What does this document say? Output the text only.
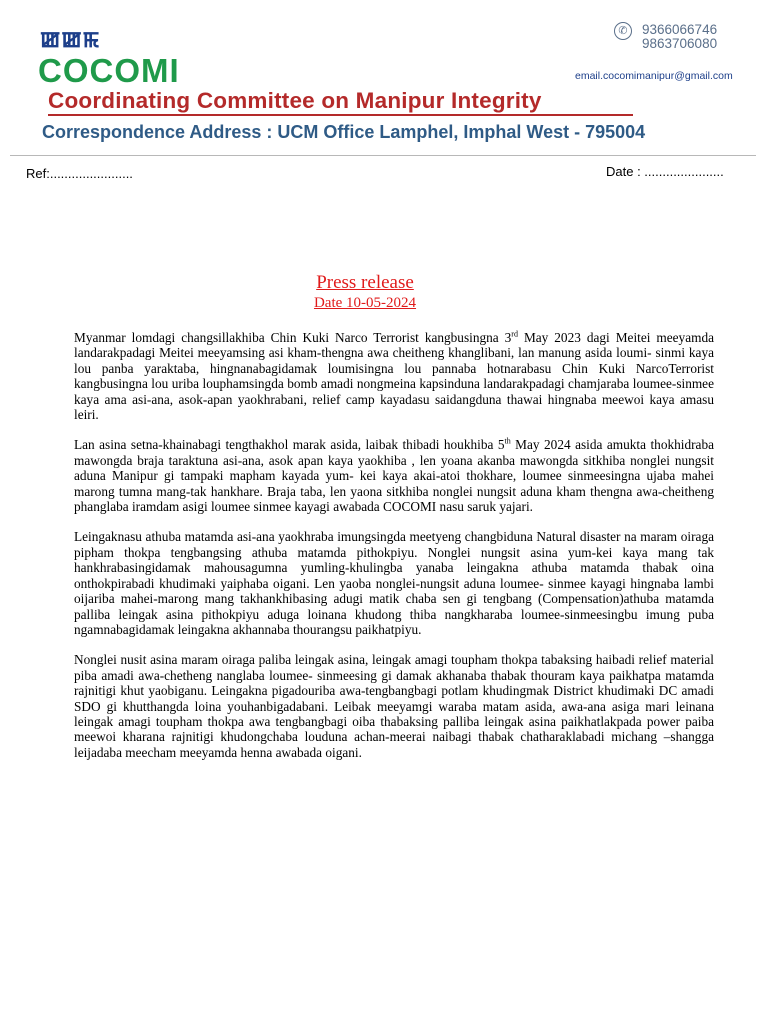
ꯀꯀꯃ
COCOMI
Coordinating Committee on Manipur Integrity
Correspondence Address : UCM Office Lamphel, Imphal West - 795004
✆	9366066746
9863706080
email.cocomimanipur@gmail.com
Ref:.......................	Date : ......................
Press release
Date 10-05-2024

Myanmar lomdagi changsillakhiba Chin Kuki Narco Terrorist kangbusingna 3rd May 2023 dagi Meitei meeyamda landarakpadagi Meitei meeyamsing asi kham-thengna awa cheitheng khanglibani, lan manung asida loumi- sinmi kaya lou panba yaraktaba, hingnanabagidamak loumisingna lou pannaba hotnarabasu Chin Kuki NarcoTerrorist kangbusingna lou uriba louphamsingda bomb amadi nongmeina kapsinduna landarakpadagi chamjaraba loumee-sinmee kaya ama asi-ana, asok-apan yaokhrabani, relief camp kayadasu saidangduna thawai hingnaba meewoi kaya amasu leiri.

Lan asina setna-khainabagi tengthakhol marak asida, laibak thibadi houkhiba 5th May 2024 asida amukta thokhidraba mawongda braja taraktuna asi-ana, asok apan kaya yaokhiba , len yoana akanba mawongda sitkhiba nonglei nungsit aduna Manipur gi tampaki mapham kayada yum- kei kaya akai-atoi thokhare, loumee sinmeesingna ujaba mahei marong tumna mang-tak hankhare. Braja taba, len yaona sitkhiba nonglei nungsit aduna kham thengna awa-cheitheng phanglaba iramdam asigi loumee sinmee kayagi awabada COCOMI nasu saruk yajari.

Leingaknasu athuba matamda asi-ana yaokhraba imungsingda meetyeng changbiduna Natural disaster na maram oiraga pipham thokpa tengbangsing athuba matamda pithokpiyu. Nonglei nungsit asina yum-kei kaya mang tak hankhrabasingidamak mahousagumna yumling-khulingba yanaba leingakna athuba matamda thabak oina onthokpirabadi khudimaki yaiphaba oigani. Len yaoba nonglei-nungsit aduna loumee- sinmee kayagi hingnaba lambi oijariba mahei-marong mang takhankhibasing adugi matik chaba sen gi tengbang (Compensation)athuba matamda palliba leingak asina pithokpiyu aduga loinana khudong thiba nangkharaba loumee-sinmeesingbu imung puba ngamnabagidamak leingakna akhannaba thourangsu paikhatpiyu.

Nonglei nusit asina maram oiraga paliba leingak asina, leingak amagi toupham thokpa tabaksing haibadi relief material piba amadi awa-chetheng nanglaba loumee- sinmeesing gi damak akhanaba thabak thouram kaya paikhatpa matamda rajnitigi khut yaobiganu. Leingakna pigadouriba awa-tengbangbagi potlam khudingmak District khudimaki DC amadi SDO gi khutthangda loina youhanbigadabani. Leibak meeyamgi waraba matam asida, awa-ana asiga mari leinana leingak amagi toupham thokpa awa tengbangbagi oiba thabaksing palliba leingak asina paikhatlakpada power paiba meewoi kharana rajnitigi khudongchaba louduna achan-meerai naibagi thabak chatharaklabadi michang –shangga leijadaba meecham meeyamda henna awabada oigani.
